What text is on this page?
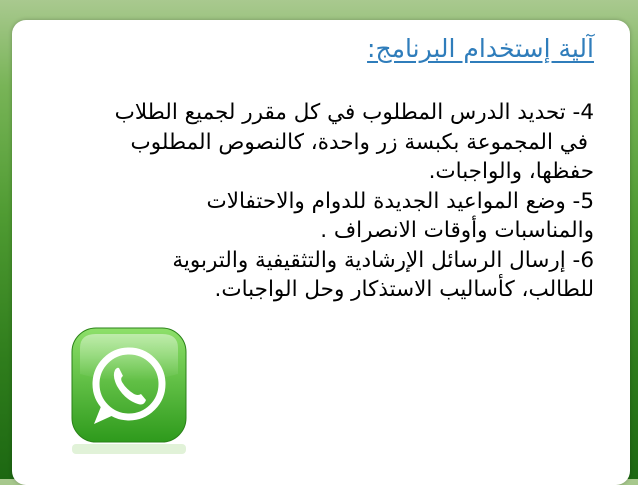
آلية إستخدام البرنامج:

4- تحديد الدرس المطلوب في كل مقرر لجميع الطلاب

في المجموعة بكبسة زر واحدة، كالنصوص المطلوب

حفظها، والواجبات.

5- وضع المواعيد الجديدة للدوام والاحتفالات

والمناسبات وأوقات الانصراف .

6- إرسال الرسائل الإرشادية والتثقيفية والتربوية

للطالب، كأساليب الاستذكار وحل الواجبات.
